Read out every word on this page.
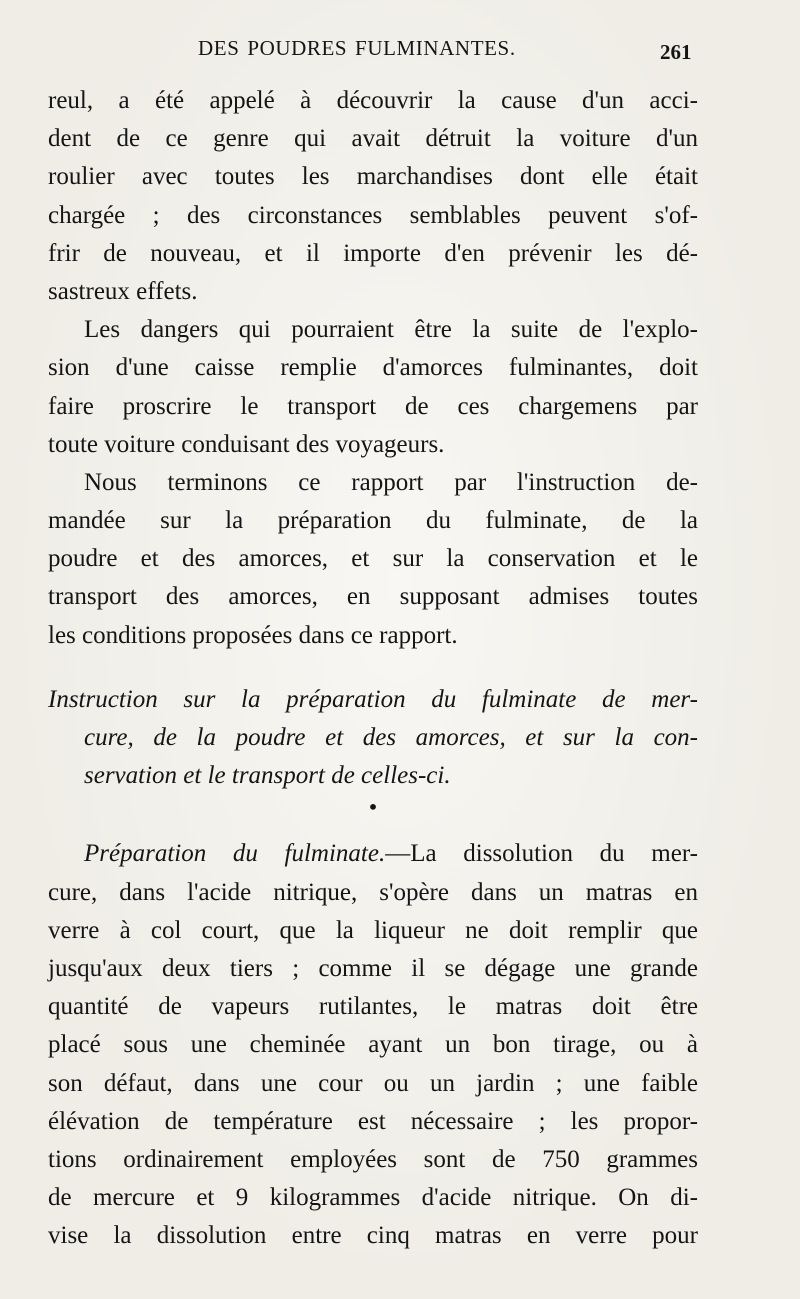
DES POUDRES FULMINANTES.	261
reul, a été appelé à découvrir la cause d'un acci-
dent de ce genre qui avait détruit la voiture d'un
roulier avec toutes les marchandises dont elle était
chargée ; des circonstances semblables peuvent s'of-
frir de nouveau, et il importe d'en prévenir les dé-
sastreux effets.
Les dangers qui pourraient être la suite de l'explo-
sion d'une caisse remplie d'amorces fulminantes, doit
faire proscrire le transport de ces chargemens par
toute voiture conduisant des voyageurs.
Nous terminons ce rapport par l'instruction de-
mandée sur la préparation du fulminate, de la
poudre et des amorces, et sur la conservation et le
transport des amorces, en supposant admises toutes
les conditions proposées dans ce rapport.
Instruction sur la préparation du fulminate de mer-
cure, de la poudre et des amorces, et sur la con-
servation et le transport de celles-ci.
•
Préparation du fulminate.—La dissolution du mer-
cure, dans l'acide nitrique, s'opère dans un matras en
verre à col court, que la liqueur ne doit remplir que
jusqu'aux deux tiers ; comme il se dégage une grande
quantité de vapeurs rutilantes, le matras doit être
placé sous une cheminée ayant un bon tirage, ou à
son défaut, dans une cour ou un jardin ; une faible
élévation de température est nécessaire ; les propor-
tions ordinairement employées sont de 750 grammes
de mercure et 9 kilogrammes d'acide nitrique. On di-
vise la dissolution entre cinq matras en verre pour
